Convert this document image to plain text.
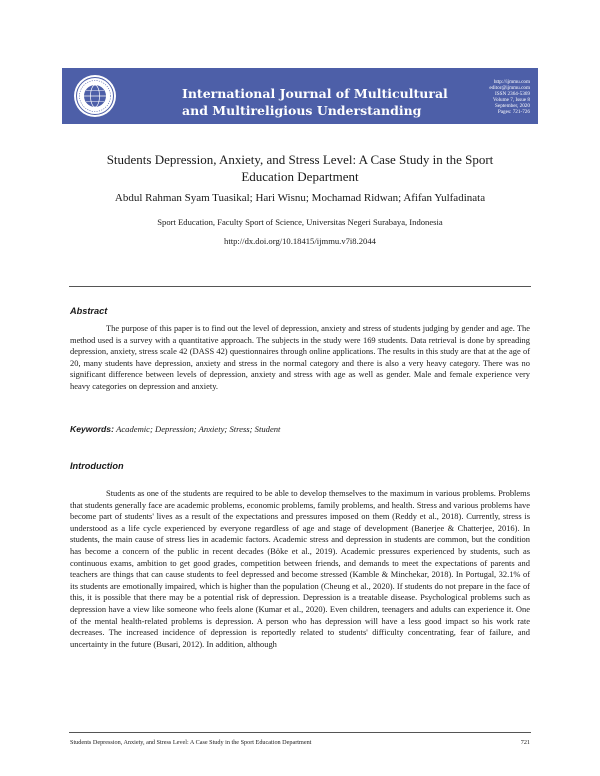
International Journal of Multicultural
and Multireligious Understanding
http://ijmmu.com
editor@ijmmu.com
ISSN 2364-5369
Volume 7, Issue 8
September, 2020
Pages: 721-726
Students Depression, Anxiety, and Stress Level: A Case Study in the Sport
Education Department
Abdul Rahman Syam Tuasikal; Hari Wisnu; Mochamad Ridwan; Afifan Yulfadinata
Sport Education, Faculty Sport of Science, Universitas Negeri Surabaya, Indonesia
http://dx.doi.org/10.18415/ijmmu.v7i8.2044
Abstract

The purpose of this paper is to find out the level of depression, anxiety and stress of students judging by gender and age. The method used is a survey with a quantitative approach. The subjects in the study were 169 students. Data retrieval is done by spreading depression, anxiety, stress scale 42 (DASS 42) questionnaires through online applications. The results in this study are that at the age of 20, many students have depression, anxiety and stress in the normal category and there is also a very heavy category. There was no significant difference between levels of depression, anxiety and stress with age as well as gender. Male and female experience very heavy categories on depression and anxiety.

Keywords: Academic; Depression; Anxiety; Stress; Student
Introduction

Students as one of the students are required to be able to develop themselves to the maximum in various problems. Problems that students generally face are academic problems, economic problems, family problems, and health. Stress and various problems have become part of students' lives as a result of the expectations and pressures imposed on them (Reddy et al., 2018). Currently, stress is understood as a life cycle experienced by everyone regardless of age and stage of development (Banerjee & Chatterjee, 2016). In students, the main cause of stress lies in academic factors. Academic stress and depression in students are common, but the condition has become a concern of the public in recent decades (Böke et al., 2019). Academic pressures experienced by students, such as continuous exams, ambition to get good grades, competition between friends, and demands to meet the expectations of parents and teachers are things that can cause students to feel depressed and become stressed (Kamble & Minchekar, 2018). In Portugal, 32.1% of its students are emotionally impaired, which is higher than the population (Cheung et al., 2020). If students do not prepare in the face of this, it is possible that there may be a potential risk of depression. Depression is a treatable disease. Psychological problems such as depression have a view like someone who feels alone (Kumar et al., 2020). Even children, teenagers and adults can experience it. One of the mental health-related problems is depression. A person who has depression will have a less good impact so his work rate decreases. The increased incidence of depression is reportedly related to students' difficulty concentrating, fear of failure, and uncertainty in the future (Busari, 2012). In addition, although

Students Depression, Anxiety, and Stress Level: A Case Study in the Sport Education Department	721
